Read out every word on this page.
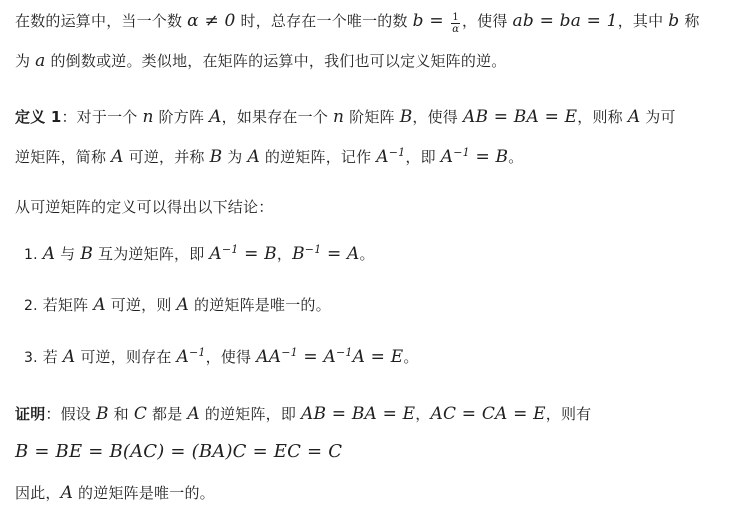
在数的运算中，当一个数 α ≠ 0 时，总存在一个唯一的数 $b = \frac{1}{\alpha}$ ，使得 ab = ba = 1，其中 b 称
为 a 的倒数或逆。类似地，在矩阵的运算中，我们也可以定义矩阵的逆。
定义 1：对于一个 n 阶方阵 A，如果存在一个 n 阶矩阵 B，使得 AB = BA = E，则称 A 为可
逆矩阵，简称 A 可逆，并称 B 为 A 的逆矩阵，记作 $A^{-1}$，即 $A^{-1} = B$。
从可逆矩阵的定义可以得出以下结论：
1. A 与 B 互为逆矩阵，即 $A^{-1} = B$，$B^{-1} = A$。
2. 若矩阵 A 可逆，则 A 的逆矩阵是唯一的。
3. 若 A 可逆，则存在 $A^{-1}$，使得 $AA^{-1} = A^{-1}A = E$。
证明：假设 B 和 C 都是 A 的逆矩阵，即 AB = BA = E，AC = CA = E，则有
B = BE = B(AC) = (BA)C = EC = C
因此，A 的逆矩阵是唯一的。
